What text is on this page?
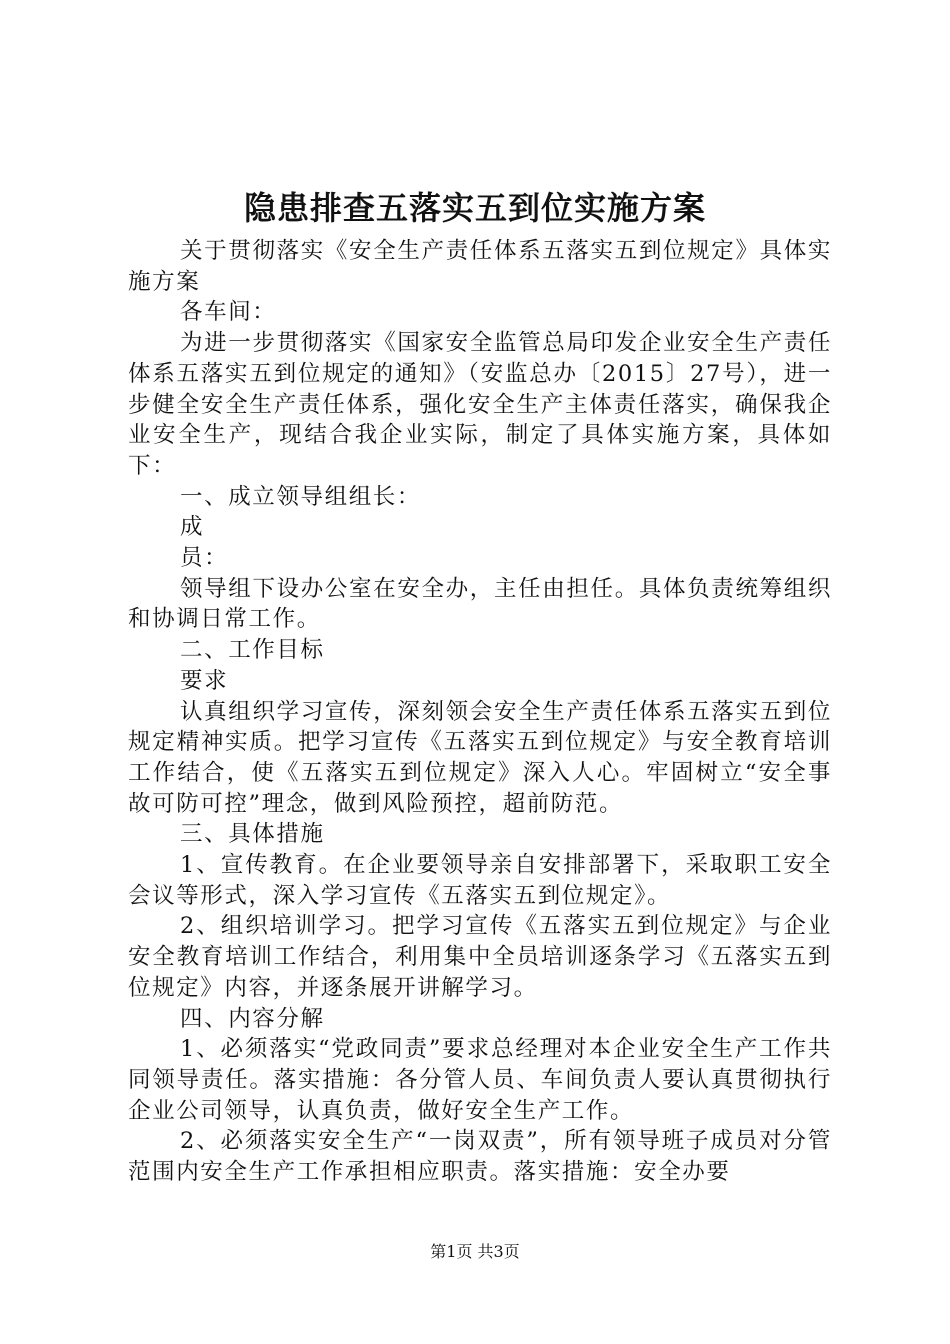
隐患排查五落实五到位实施方案

关于贯彻落实《安全生产责任体系五落实五到位规定》具体实施方案

各车间：

为进一步贯彻落实《国家安全监管总局印发企业安全生产责任体系五落实五到位规定的通知》（安监总办〔2015〕27号），进一步健全安全生产责任体系，强化安全生产主体责任落实，确保我企业安全生产，现结合我企业实际，制定了具体实施方案，具体如下：

一、成立领导组组长：

成

员：

领导组下设办公室在安全办，主任由担任。具体负责统筹组织和协调日常工作。

二、工作目标

要求

认真组织学习宣传，深刻领会安全生产责任体系五落实五到位规定精神实质。把学习宣传《五落实五到位规定》与安全教育培训工作结合，使《五落实五到位规定》深入人心。牢固树立“安全事故可防可控”理念，做到风险预控，超前防范。

三、具体措施

1、宣传教育。在企业要领导亲自安排部署下，采取职工安全会议等形式，深入学习宣传《五落实五到位规定》。

2、组织培训学习。把学习宣传《五落实五到位规定》与企业安全教育培训工作结合，利用集中全员培训逐条学习《五落实五到位规定》内容，并逐条展开讲解学习。

四、内容分解

1、必须落实“党政同责”要求总经理对本企业安全生产工作共同领导责任。落实措施：各分管人员、车间负责人要认真贯彻执行企业公司领导，认真负责，做好安全生产工作。

2、必须落实安全生产“一岗双责”，所有领导班子成员对分管范围内安全生产工作承担相应职责。落实措施：安全办要

第1页 共3页
